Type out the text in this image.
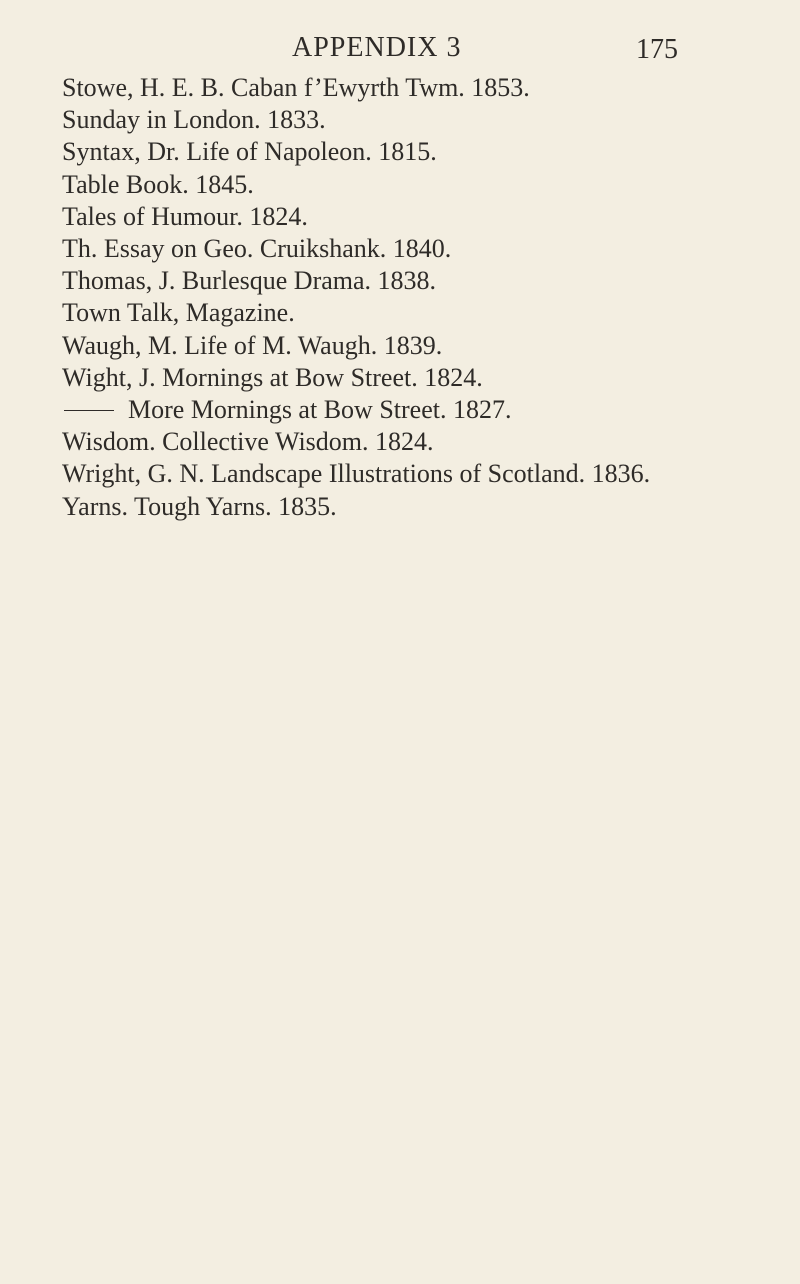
APPENDIX 3	175
Stowe, H. E. B. Caban f’Ewyrth Twm. 1853.
Sunday in London. 1833.
Syntax, Dr. Life of Napoleon. 1815.
Table Book. 1845.
Tales of Humour. 1824.
Th. Essay on Geo. Cruikshank. 1840.
Thomas, J. Burlesque Drama. 1838.
Town Talk, Magazine.
Waugh, M. Life of M. Waugh. 1839.
Wight, J. Mornings at Bow Street. 1824.
More Mornings at Bow Street. 1827.
Wisdom. Collective Wisdom. 1824.
Wright, G. N. Landscape Illustrations of Scotland. 1836.
Yarns. Tough Yarns. 1835.
